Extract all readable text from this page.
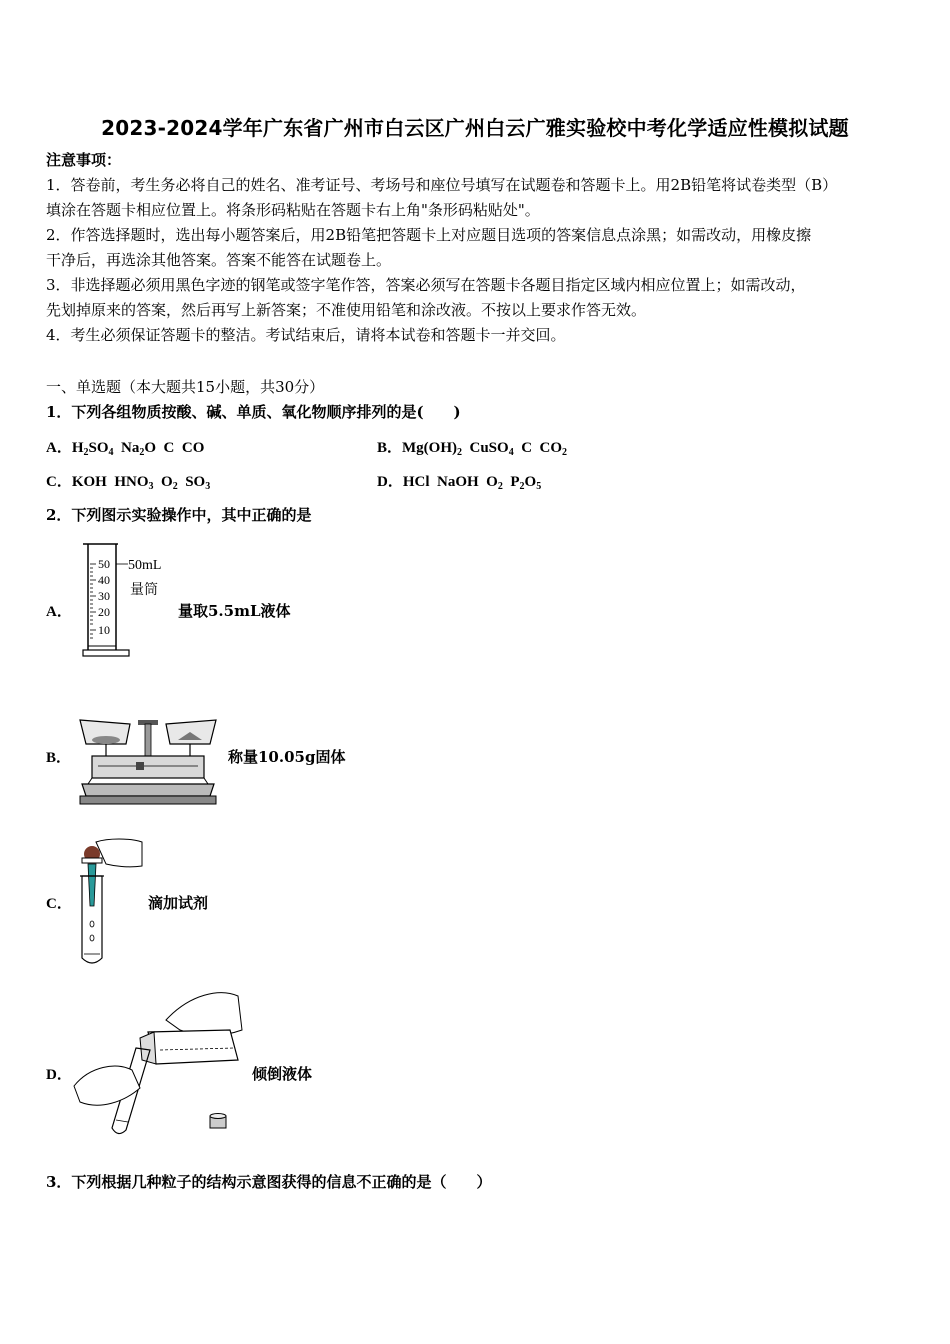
2023-2024学年广东省广州市白云区广州白云广雅实验校中考化学适应性模拟试题
注意事项：
1．答卷前，考生务必将自己的姓名、准考证号、考场号和座位号填写在试题卷和答题卡上。用2B铅笔将试卷类型（B）
填涂在答题卡相应位置上。将条形码粘贴在答题卡右上角"条形码粘贴处"。
2．作答选择题时，选出每小题答案后，用2B铅笔把答题卡上对应题目选项的答案信息点涂黑；如需改动，用橡皮擦
干净后，再选涂其他答案。答案不能答在试题卷上。
3．非选择题必须用黑色字迹的钢笔或签字笔作答，答案必须写在答题卡各题目指定区域内相应位置上；如需改动，
先划掉原来的答案，然后再写上新答案；不准使用铅笔和涂改液。不按以上要求作答无效。
4．考生必须保证答题卡的整洁。考试结束后，请将本试卷和答题卡一并交回。
一、单选题（本大题共15小题，共30分）
1．下列各组物质按酸、碱、单质、氧化物顺序排列的是(　　)
A．$H_2SO_4$  $Na_2O$  C  CO	B．$Mg(OH)_2$  CuSO$_4$  C  $CO_2$
C．KOH  $HNO_3$  $O_2$  $SO_3$	D．HCl  NaOH  $O_2$  $P_2O_5$
2．下列图示实验操作中，其中正确的是
A．
50
40
30
20
10
50mL
量筒
量取5.5mL液体
B．	称量10.05g固体
C．	滴加试剂
D．	倾倒液体
3．下列根据几种粒子的结构示意图获得的信息不正确的是（　　）
